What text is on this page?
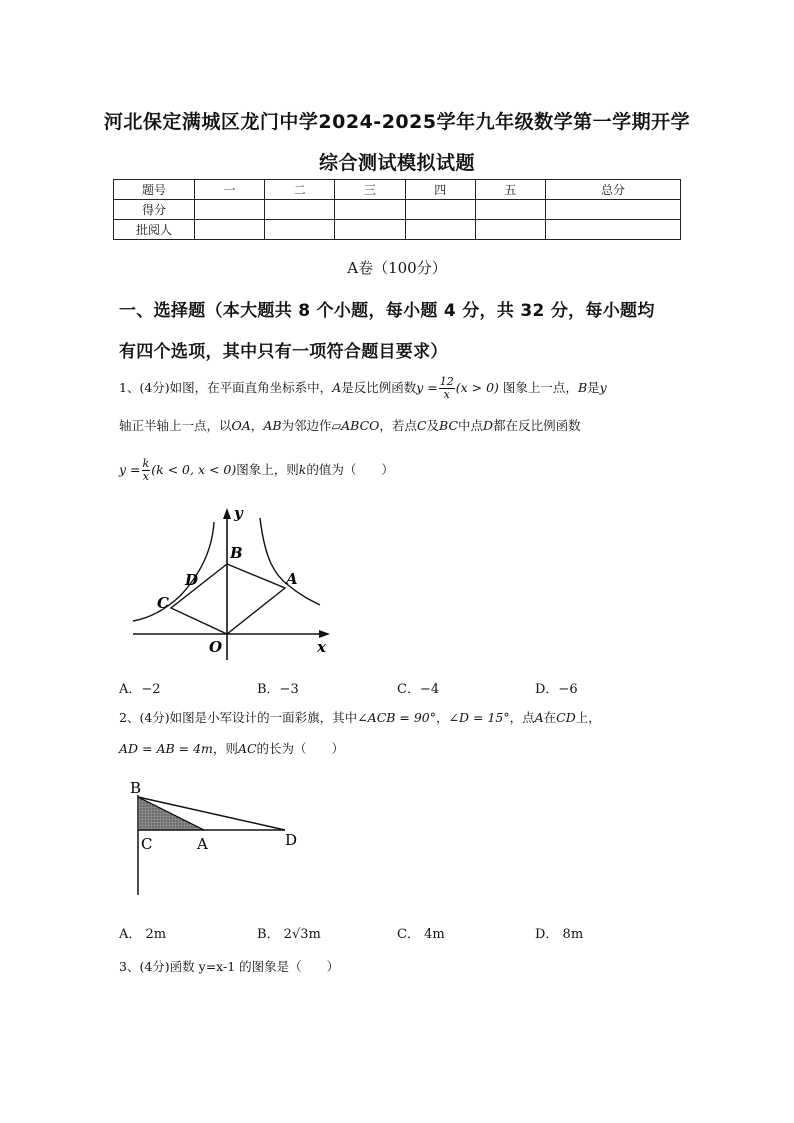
河北保定满城区龙门中学2024-2025学年九年级数学第一学期开学
综合测试模拟试题
题号	一	二	三	四	五	总分
得分						
批阅人						
A卷（100分）
一、选择题（本大题共 8 个小题，每小题 4 分，共 32 分，每小题均
有四个选项，其中只有一项符合题目要求）
1、(4分)如图，在平面直角坐标系中，A是反比例函数$y = \frac{12}{x} (x > 0)$ 图象上一点，B是y
轴正半轴上一点，以OA，AB为邻边作▱ABCO，若点C及BC中点D都在反比例函数
$y = \frac{k}{x} (k < 0$, x < 0)图象上，则k的值为（　　）
y
x
O
A
B
C
D
A．−2	B．−3	C．−4	D．−6
2、(4分)如图是小军设计的一面彩旗，其中∠ACB = 90°，∠D = 15°，点A在CD上，
AD = AB = 4m，则AC的长为（　　）
B
C	A	D
A． 2m	B． 2√3m	C． 4m	D． 8m
3、(4分)函数 y=x-1 的图象是（　　）
